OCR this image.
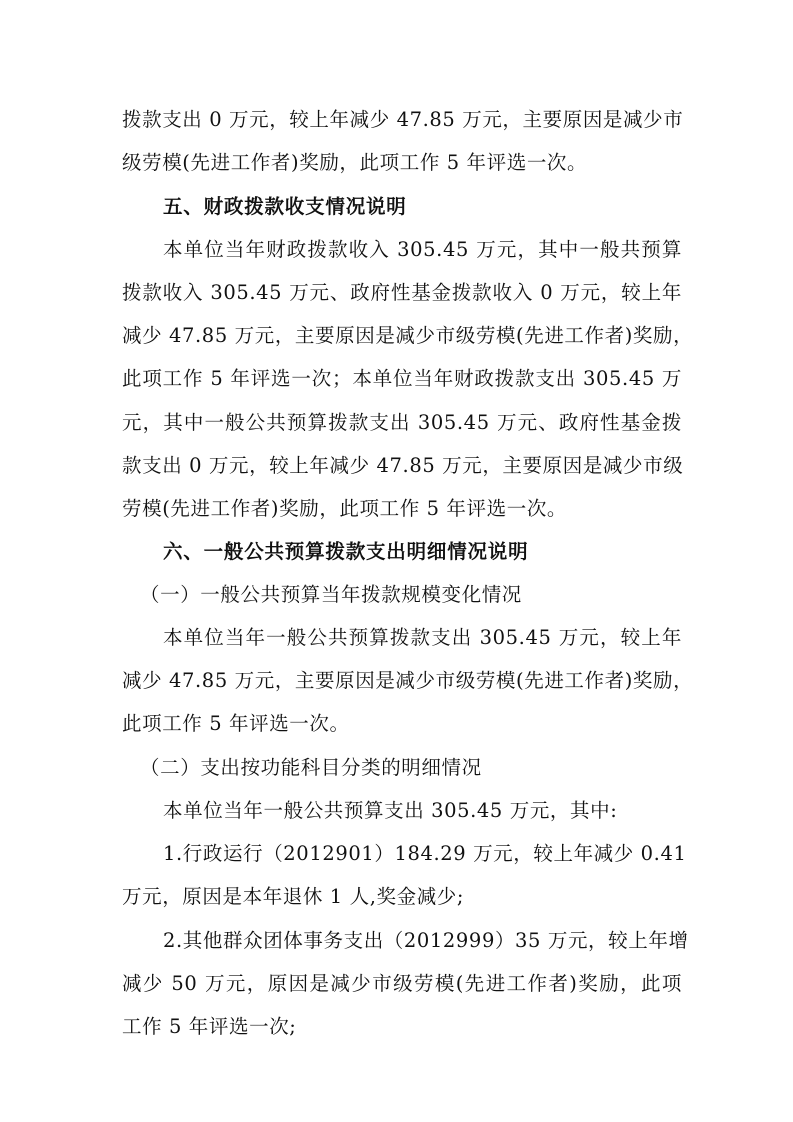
拨款支出 0 万元，较上年减少 47.85 万元，主要原因是减少市
级劳模(先进工作者)奖励，此项工作 5 年评选一次。
五、财政拨款收支情况说明
本单位当年财政拨款收入 305.45 万元，其中一般共预算
拨款收入 305.45 万元、政府性基金拨款收入 0 万元，较上年
减少 47.85 万元，主要原因是减少市级劳模(先进工作者)奖励，
此项工作 5 年评选一次；本单位当年财政拨款支出 305.45 万
元，其中一般公共预算拨款支出 305.45 万元、政府性基金拨
款支出 0 万元，较上年减少 47.85 万元，主要原因是减少市级
劳模(先进工作者)奖励，此项工作 5 年评选一次。
六、一般公共预算拨款支出明细情况说明
（一）一般公共预算当年拨款规模变化情况
本单位当年一般公共预算拨款支出 305.45 万元，较上年
减少 47.85 万元，主要原因是减少市级劳模(先进工作者)奖励，
此项工作 5 年评选一次。
（二）支出按功能科目分类的明细情况
本单位当年一般公共预算支出 305.45 万元，其中:
1.行政运行（2012901）184.29 万元，较上年减少 0.41
万元，原因是本年退休 1 人,奖金减少;
2.其他群众团体事务支出（2012999）35 万元，较上年增
减少 50 万元，原因是减少市级劳模(先进工作者)奖励，此项
工作 5 年评选一次;
